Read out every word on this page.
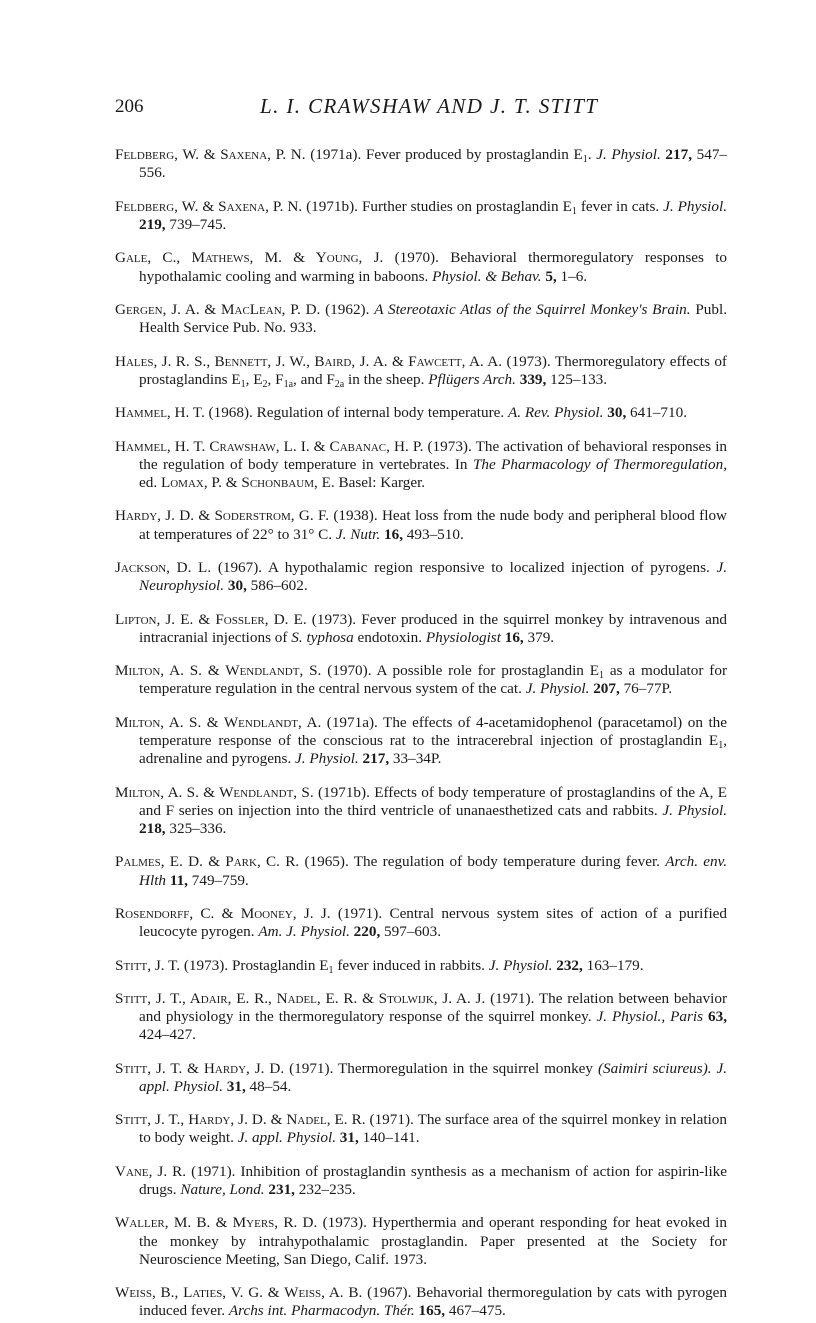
206	L. I. CRAWSHAW AND J. T. STITT

Feldberg, W. & Saxena, P. N. (1971a). Fever produced by prostaglandin $E_1$. J. Physiol. 217, 547–556.

Feldberg, W. & Saxena, P. N. (1971b). Further studies on prostaglandin $E_1$ fever in cats. J. Physiol. 219, 739–745.

Gale, C., Mathews, M. & Young, J. (1970). Behavioral thermoregulatory responses to hypothalamic cooling and warming in baboons. Physiol. & Behav. 5, 1–6.

Gergen, J. A. & MacLean, P. D. (1962). A Stereotaxic Atlas of the Squirrel Monkey's Brain. Publ. Health Service Pub. No. 933.

Hales, J. R. S., Bennett, J. W., Baird, J. A. & Fawcett, A. A. (1973). Thermoregulatory effects of prostaglandins $E_1$, $E_2$, $F_{1a}$, and $F_{2a}$ in the sheep. Pflügers Arch. 339, 125–133.

Hammel, H. T. (1968). Regulation of internal body temperature. A. Rev. Physiol. 30, 641–710.

Hammel, H. T. Crawshaw, L. I. & Cabanac, H. P. (1973). The activation of behavioral responses in the regulation of body temperature in vertebrates. In The Pharmacology of Thermoregulation, ed. Lomax, P. & Schonbaum, E. Basel: Karger.

Hardy, J. D. & Soderstrom, G. F. (1938). Heat loss from the nude body and peripheral blood flow at temperatures of 22° to 31° C. J. Nutr. 16, 493–510.

Jackson, D. L. (1967). A hypothalamic region responsive to localized injection of pyrogens. J. Neurophysiol. 30, 586–602.

Lipton, J. E. & Fossler, D. E. (1973). Fever produced in the squirrel monkey by intravenous and intracranial injections of S. typhosa endotoxin. Physiologist 16, 379.

Milton, A. S. & Wendlandt, S. (1970). A possible role for prostaglandin $E_1$ as a modulator for temperature regulation in the central nervous system of the cat. J. Physiol. 207, 76–77P.

Milton, A. S. & Wendlandt, A. (1971a). The effects of 4-acetamidophenol (paracetamol) on the temperature response of the conscious rat to the intracerebral injection of prostaglandin $E_1$, adrenaline and pyrogens. J. Physiol. 217, 33–34P.

Milton, A. S. & Wendlandt, S. (1971b). Effects of body temperature of prostaglandins of the A, E and F series on injection into the third ventricle of unanaesthetized cats and rabbits. J. Physiol. 218, 325–336.

Palmes, E. D. & Park, C. R. (1965). The regulation of body temperature during fever. Arch. env. Hlth 11, 749–759.

Rosendorff, C. & Mooney, J. J. (1971). Central nervous system sites of action of a purified leucocyte pyrogen. Am. J. Physiol. 220, 597–603.

Stitt, J. T. (1973). Prostaglandin $E_1$ fever induced in rabbits. J. Physiol. 232, 163–179.

Stitt, J. T., Adair, E. R., Nadel, E. R. & Stolwijk, J. A. J. (1971). The relation between behavior and physiology in the thermoregulatory response of the squirrel monkey. J. Physiol., Paris 63, 424–427.

Stitt, J. T. & Hardy, J. D. (1971). Thermoregulation in the squirrel monkey (Saimiri sciureus). J. appl. Physiol. 31, 48–54.

Stitt, J. T., Hardy, J. D. & Nadel, E. R. (1971). The surface area of the squirrel monkey in relation to body weight. J. appl. Physiol. 31, 140–141.

Vane, J. R. (1971). Inhibition of prostaglandin synthesis as a mechanism of action for aspirin-like drugs. Nature, Lond. 231, 232–235.

Waller, M. B. & Myers, R. D. (1973). Hyperthermia and operant responding for heat evoked in the monkey by intrahypothalamic prostaglandin. Paper presented at the Society for Neuroscience Meeting, San Diego, Calif. 1973.

Weiss, B., Laties, V. G. & Weiss, A. B. (1967). Behavorial thermoregulation by cats with pyrogen induced fever. Archs int. Pharmacodyn. Thér. 165, 467–475.
